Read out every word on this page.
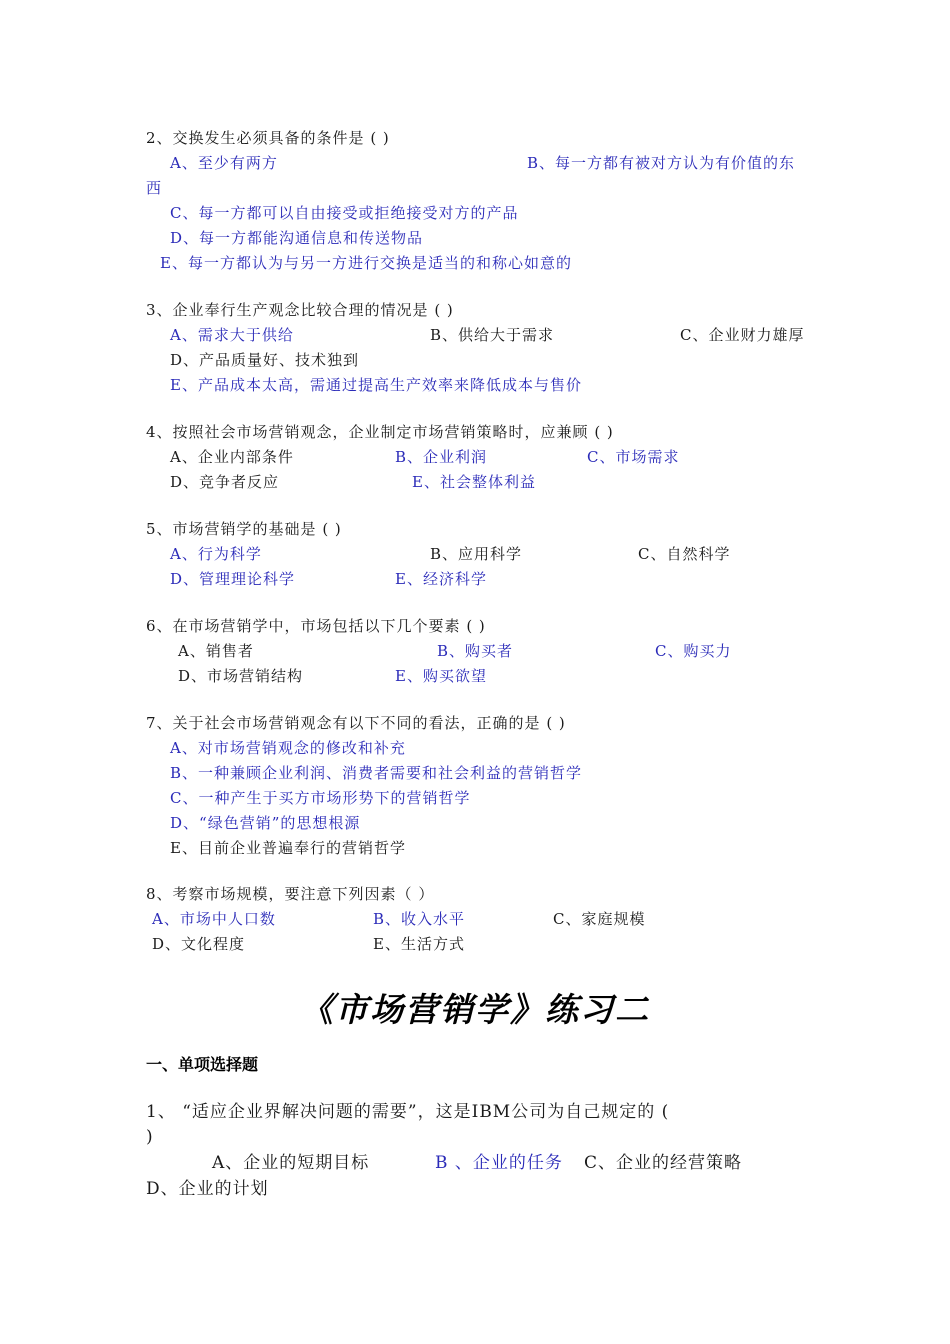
2、交换发生必须具备的条件是 ( )
A、至少有两方	B、每一方都有被对方认为有价值的东
西
C、每一方都可以自由接受或拒绝接受对方的产品
D、每一方都能沟通信息和传送物品
E、每一方都认为与另一方进行交换是适当的和称心如意的
3、企业奉行生产观念比较合理的情况是 ( )
A、需求大于供给	B、供给大于需求	C、企业财力雄厚
D、产品质量好、技术独到
E、产品成本太高，需通过提高生产效率来降低成本与售价
4、按照社会市场营销观念，企业制定市场营销策略时，应兼顾 ( )
A、企业内部条件	B、企业利润	C、市场需求
D、竞争者反应	E、社会整体利益
5、市场营销学的基础是 ( )
A、行为科学	B、应用科学	C、自然科学
D、管理理论科学	E、经济科学
6、在市场营销学中，市场包括以下几个要素 ( )
A、销售者	B、购买者	C、购买力
D、市场营销结构	E、购买欲望
7、关于社会市场营销观念有以下不同的看法，正确的是 ( )
A、对市场营销观念的修改和补充
B、一种兼顾企业利润、消费者需要和社会利益的营销哲学
C、一种产生于买方市场形势下的营销哲学
D、“绿色营销”的思想根源
E、目前企业普遍奉行的营销哲学
8、考察市场规模，要注意下列因素（ ）
A、市场中人口数	B、收入水平	C、家庭规模
D、文化程度	E、生活方式
《市场营销学》练习二
一、单项选择题
1、 “适应企业界解决问题的需要”，这是IBM公司为自己规定的 (
)
A、企业的短期目标	B 、企业的任务 C、企业的经营策略
D、企业的计划
